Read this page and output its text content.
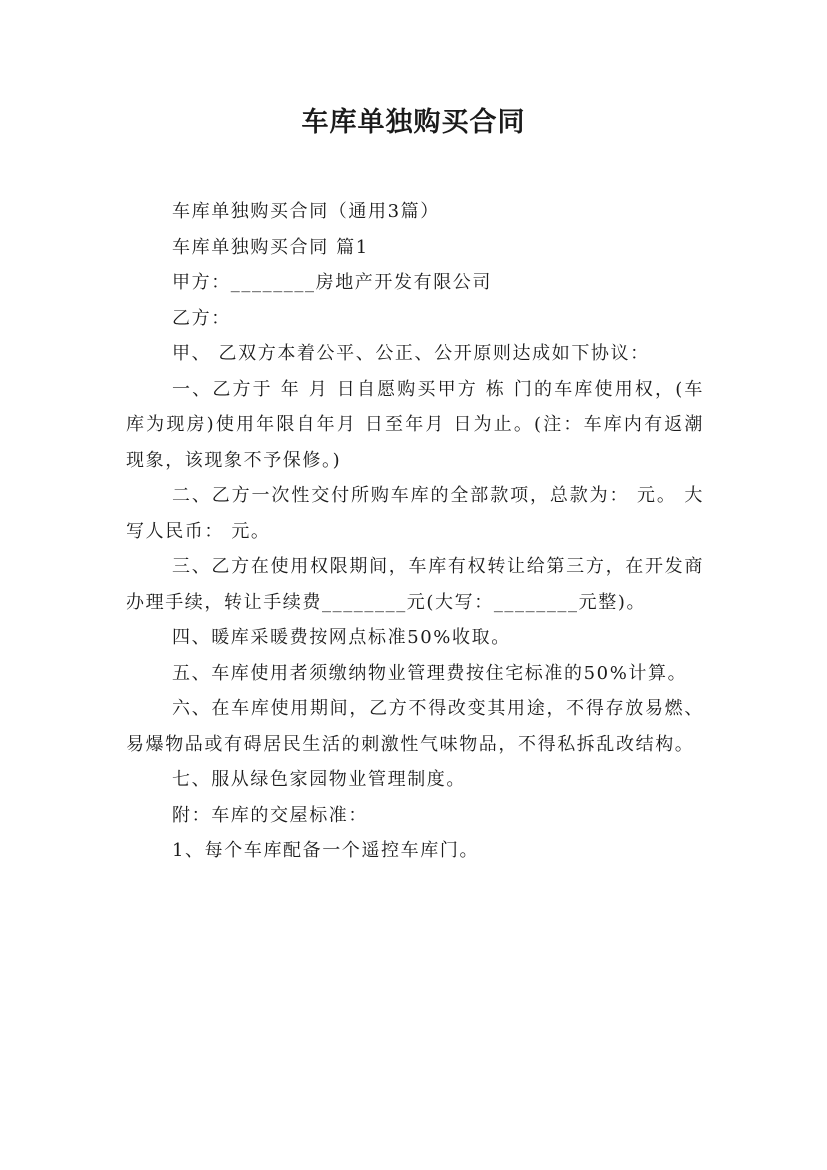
车库单独购买合同

车库单独购买合同（通用3篇）

车库单独购买合同 篇1

甲方：________房地产开发有限公司

乙方：

甲、 乙双方本着公平、公正、公开原则达成如下协议：

一、乙方于 年 月 日自愿购买甲方 栋 门的车库使用权，(车库为现房)使用年限自年月 日至年月 日为止。(注：车库内有返潮现象，该现象不予保修。)

二、乙方一次性交付所购车库的全部款项，总款为： 元。 大写人民币： 元。

三、乙方在使用权限期间，车库有权转让给第三方，在开发商办理手续，转让手续费________元(大写：________元整)。

四、暖库采暖费按网点标准50%收取。

五、车库使用者须缴纳物业管理费按住宅标准的50%计算。

六、在车库使用期间，乙方不得改变其用途，不得存放易燃、易爆物品或有碍居民生活的刺激性气味物品，不得私拆乱改结构。

七、服从绿色家园物业管理制度。

附：车库的交屋标准：

1、每个车库配备一个遥控车库门。
